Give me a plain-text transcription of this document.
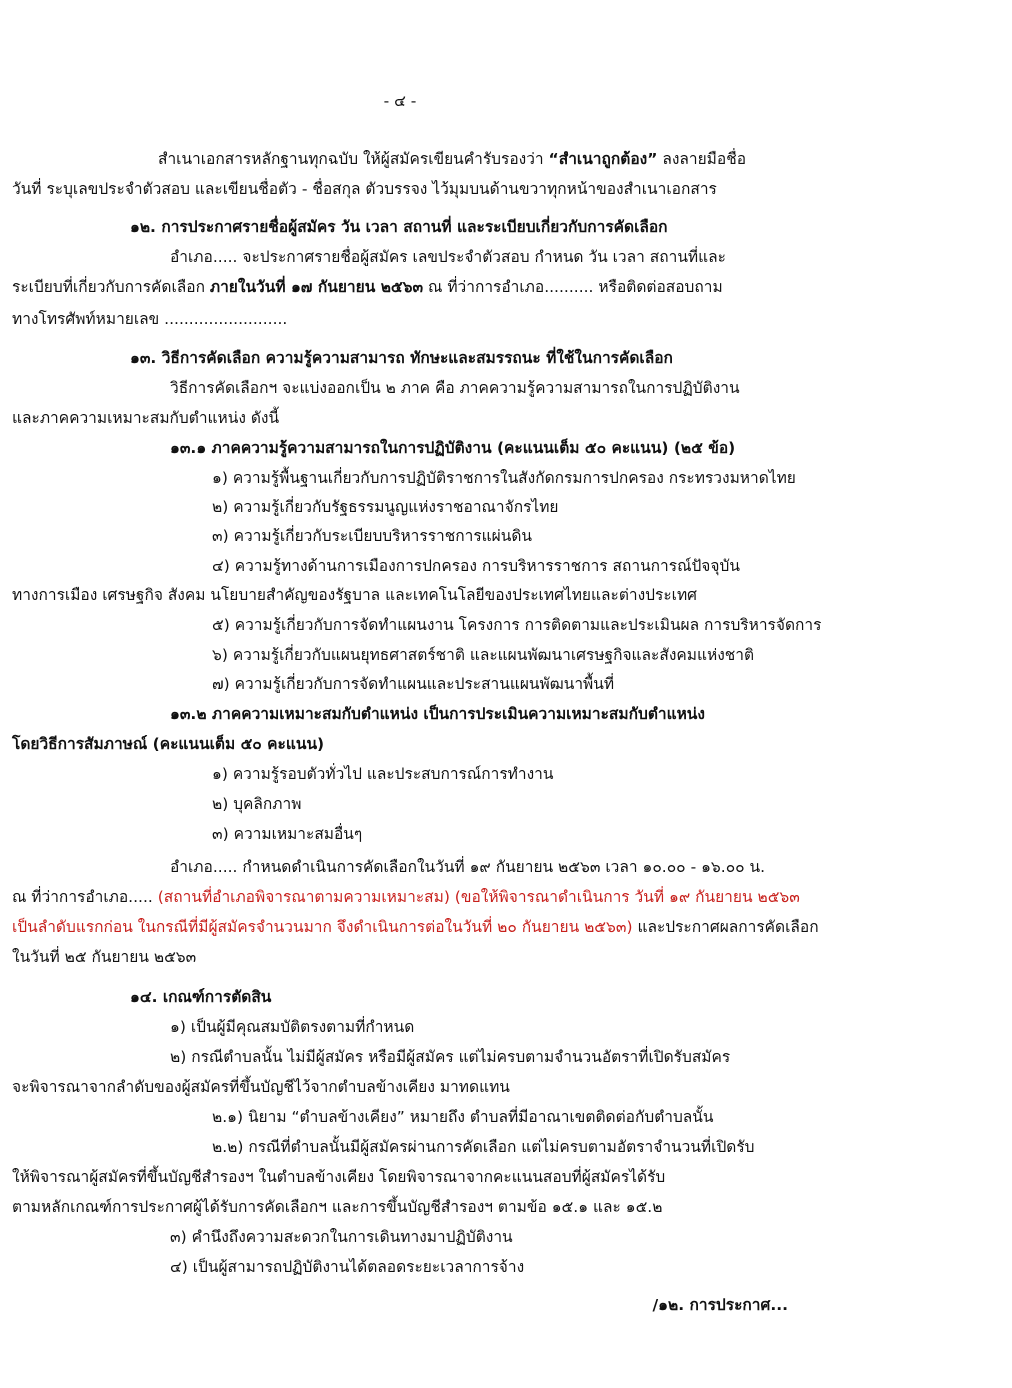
- ๔ -
สำเนาเอกสารหลักฐานทุกฉบับ ให้ผู้สมัครเขียนคำรับรองว่า “สำเนาถูกต้อง” ลงลายมือชื่อ
วันที่ ระบุเลขประจำตัวสอบ และเขียนชื่อตัว - ชื่อสกุล ตัวบรรจง ไว้มุมบนด้านขวาทุกหน้าของสำเนาเอกสาร
๑๒. การประกาศรายชื่อผู้สมัคร วัน เวลา สถานที่ และระเบียบเกี่ยวกับการคัดเลือก
อำเภอ..... จะประกาศรายชื่อผู้สมัคร เลขประจำตัวสอบ กำหนด วัน เวลา สถานที่และ
ระเบียบที่เกี่ยวกับการคัดเลือก ภายในวันที่ ๑๗ กันยายน ๒๕๖๓ ณ ที่ว่าการอำเภอ.......... หรือติดต่อสอบถาม
ทางโทรศัพท์หมายเลข .........................
๑๓. วิธีการคัดเลือก ความรู้ความสามารถ ทักษะและสมรรถนะ ที่ใช้ในการคัดเลือก
วิธีการคัดเลือกฯ จะแบ่งออกเป็น ๒ ภาค คือ ภาคความรู้ความสามารถในการปฏิบัติงาน
และภาคความเหมาะสมกับตำแหน่ง ดังนี้
๑๓.๑ ภาคความรู้ความสามารถในการปฏิบัติงาน (คะแนนเต็ม ๕๐ คะแนน) (๒๕ ข้อ)
๑) ความรู้พื้นฐานเกี่ยวกับการปฏิบัติราชการในสังกัดกรมการปกครอง กระทรวงมหาดไทย
๒) ความรู้เกี่ยวกับรัฐธรรมนูญแห่งราชอาณาจักรไทย
๓) ความรู้เกี่ยวกับระเบียบบริหารราชการแผ่นดิน
๔) ความรู้ทางด้านการเมืองการปกครอง การบริหารราชการ สถานการณ์ปัจจุบัน
ทางการเมือง เศรษฐกิจ สังคม นโยบายสำคัญของรัฐบาล และเทคโนโลยีของประเทศไทยและต่างประเทศ
๕) ความรู้เกี่ยวกับการจัดทำแผนงาน โครงการ การติดตามและประเมินผล การบริหารจัดการ
๖) ความรู้เกี่ยวกับแผนยุทธศาสตร์ชาติ และแผนพัฒนาเศรษฐกิจและสังคมแห่งชาติ
๗) ความรู้เกี่ยวกับการจัดทำแผนและประสานแผนพัฒนาพื้นที่
๑๓.๒ ภาคความเหมาะสมกับตำแหน่ง เป็นการประเมินความเหมาะสมกับตำแหน่ง
โดยวิธีการสัมภาษณ์ (คะแนนเต็ม ๕๐ คะแนน)
๑) ความรู้รอบตัวทั่วไป และประสบการณ์การทำงาน
๒) บุคลิกภาพ
๓) ความเหมาะสมอื่นๆ
อำเภอ..... กำหนดดำเนินการคัดเลือกในวันที่ ๑๙ กันยายน ๒๕๖๓ เวลา ๑๐.๐๐ - ๑๖.๐๐ น.
ณ ที่ว่าการอำเภอ..... (สถานที่อำเภอพิจารณาตามความเหมาะสม) (ขอให้พิจารณาดำเนินการ วันที่ ๑๙ กันยายน ๒๕๖๓
เป็นลำดับแรกก่อน ในกรณีที่มีผู้สมัครจำนวนมาก จึงดำเนินการต่อในวันที่ ๒๐ กันยายน ๒๕๖๓) และประกาศผลการคัดเลือก
ในวันที่ ๒๕ กันยายน ๒๕๖๓
๑๔. เกณฑ์การตัดสิน
๑) เป็นผู้มีคุณสมบัติตรงตามที่กำหนด
๒) กรณีตำบลนั้น ไม่มีผู้สมัคร หรือมีผู้สมัคร แต่ไม่ครบตามจำนวนอัตราที่เปิดรับสมัคร
จะพิจารณาจากลำดับของผู้สมัครที่ขึ้นบัญชีไว้จากตำบลข้างเคียง มาทดแทน
๒.๑) นิยาม “ตำบลข้างเคียง” หมายถึง ตำบลที่มีอาณาเขตติดต่อกับตำบลนั้น
๒.๒) กรณีที่ตำบลนั้นมีผู้สมัครผ่านการคัดเลือก แต่ไม่ครบตามอัตราจำนวนที่เปิดรับ
ให้พิจารณาผู้สมัครที่ขึ้นบัญชีสำรองฯ ในตำบลข้างเคียง โดยพิจารณาจากคะแนนสอบที่ผู้สมัครได้รับ
ตามหลักเกณฑ์การประกาศผู้ได้รับการคัดเลือกฯ และการขึ้นบัญชีสำรองฯ ตามข้อ ๑๕.๑ และ ๑๕.๒
๓) คำนึงถึงความสะดวกในการเดินทางมาปฏิบัติงาน
๔) เป็นผู้สามารถปฏิบัติงานได้ตลอดระยะเวลาการจ้าง
/๑๒. การประกาศ...
